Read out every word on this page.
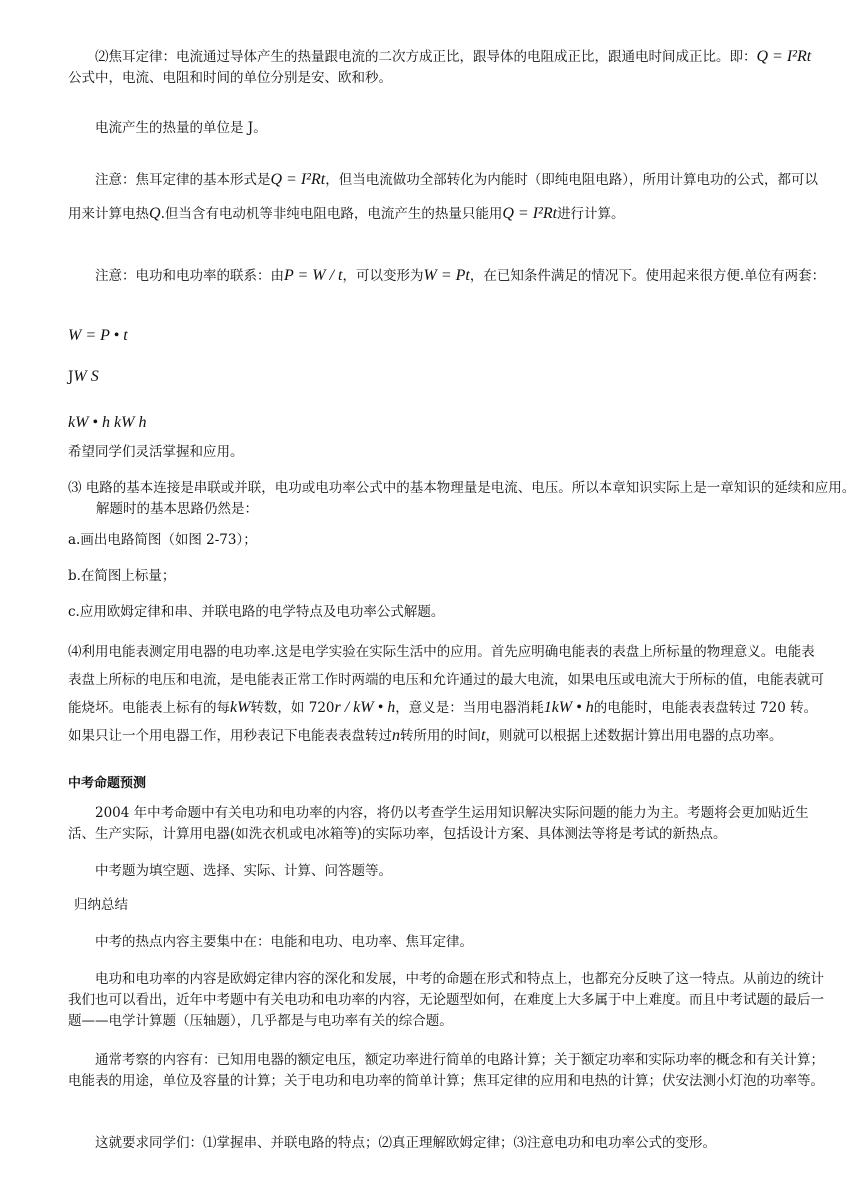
⑵焦耳定律：电流通过导体产生的热量跟电流的二次方成正比，跟导体的电阻成正比，跟通电时间成正比。即：Q = I²Rt
公式中，电流、电阻和时间的单位分别是安、欧和秒。

电流产生的热量的单位是 J。

注意：焦耳定律的基本形式是Q = I²Rt，但当电流做功全部转化为内能时（即纯电阻电路），所用计算电功的公式，都可以用来计算电热Q.但当含有电动机等非纯电阻电路，电流产生的热量只能用Q = I²Rt进行计算。

注意：电功和电功率的联系：由P = W / t，可以变形为W = Pt，在已知条件满足的情况下。使用起来很方便.单位有两套：

W = P • t

JW S

kW • h kW h

希望同学们灵活掌握和应用。

⑶ 电路的基本连接是串联或并联，电功或电功率公式中的基本物理量是电流、电压。所以本章知识实际上是一章知识的延续和应用。解题时的基本思路仍然是：

a.画出电路简图（如图 2-73）；

b.在简图上标量；

c.应用欧姆定律和串、并联电路的电学特点及电功率公式解题。

⑷利用电能表测定用电器的电功率.这是电学实验在实际生活中的应用。首先应明确电能表的表盘上所标量的物理意义。电能表表盘上所标的电压和电流，是电能表正常工作时两端的电压和允许通过的最大电流，如果电压或电流大于所标的值，电能表就可能烧坏。电能表上标有的每kW转数，如 720r / kW • h，意义是：当用电器消耗1kW • h的电能时，电能表表盘转过 720 转。如果只让一个用电器工作，用秒表记下电能表表盘转过n转所用的时间t，则就可以根据上述数据计算出用电器的点功率。

中考命题预测

2004 年中考命题中有关电功和电功率的内容，将仍以考查学生运用知识解决实际问题的能力为主。考题将会更加贴近生活、生产实际，计算用电器(如洗衣机或电冰箱等)的实际功率，包括设计方案、具体测法等将是考试的新热点。

中考题为填空题、选择、实际、计算、问答题等。

归纳总结

中考的热点内容主要集中在：电能和电功、电功率、焦耳定律。

电功和电功率的内容是欧姆定律内容的深化和发展，中考的命题在形式和特点上，也都充分反映了这一特点。从前边的统计我们也可以看出，近年中考题中有关电功和电功率的内容，无论题型如何，在难度上大多属于中上难度。而且中考试题的最后一题——电学计算题（压轴题），几乎都是与电功率有关的综合题。

通常考察的内容有：已知用电器的额定电压，额定功率进行简单的电路计算；关于额定功率和实际功率的概念和有关计算；电能表的用途，单位及容量的计算；关于电功和电功率的简单计算；焦耳定律的应用和电热的计算；伏安法测小灯泡的功率等。

这就要求同学们：⑴掌握串、并联电路的特点；⑵真正理解欧姆定律；⑶注意电功和电功率公式的变形。
